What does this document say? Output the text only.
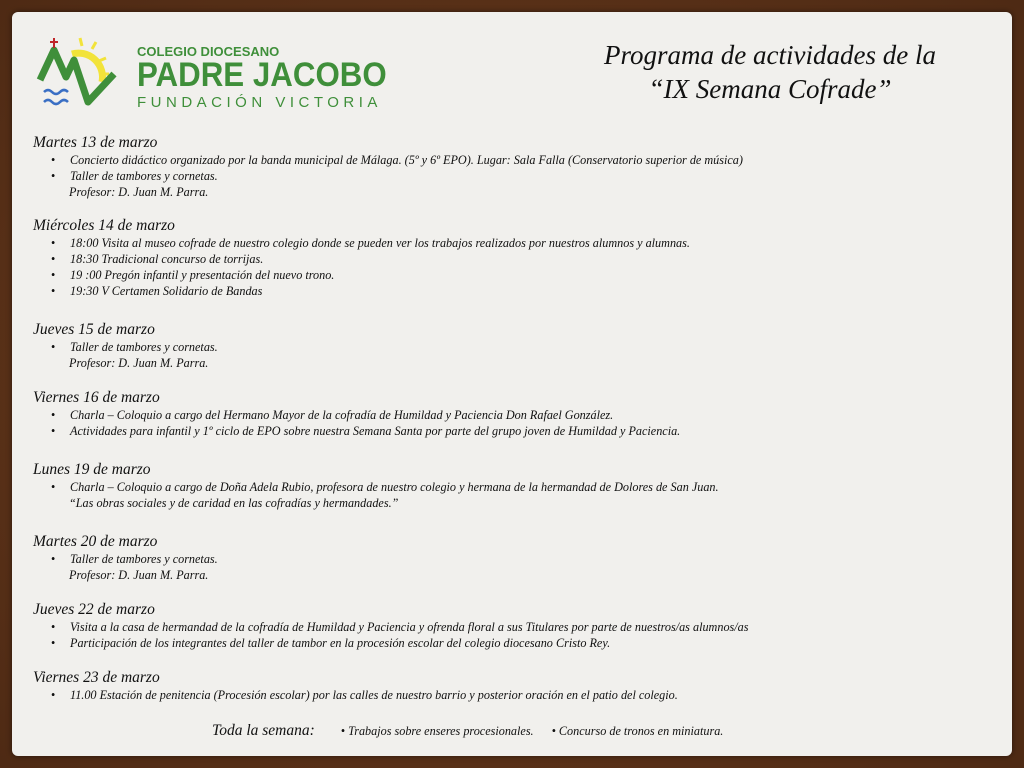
COLEGIO DIOCESANO
PADRE JACOBO
FUNDACIÓN VICTORIA
Programa de actividades de la
“IX Semana Cofrade”
Martes 13 de marzo
• Concierto didáctico organizado por la banda municipal de Málaga. (5º y 6º EPO). Lugar: Sala Falla (Conservatorio superior de música)
• Taller de tambores y cornetas.
Profesor: D. Juan M. Parra.
Miércoles 14 de marzo
• 18:00 Visita al museo cofrade de nuestro colegio donde se pueden ver los trabajos realizados por nuestros alumnos y alumnas.
• 18:30 Tradicional concurso de torrijas.
• 19 :00 Pregón infantil y presentación del nuevo trono.
• 19:30 V Certamen Solidario de Bandas
Jueves 15 de marzo
• Taller de tambores y cornetas.
Profesor: D. Juan M. Parra.
Viernes 16 de marzo
• Charla – Coloquio a cargo del Hermano Mayor de la cofradía de Humildad y Paciencia Don Rafael González.
• Actividades para infantil y 1º ciclo de EPO sobre nuestra Semana Santa por parte del grupo joven de Humildad y Paciencia.
Lunes 19 de marzo
• Charla – Coloquio a cargo de Doña Adela Rubio, profesora de nuestro colegio y hermana de la hermandad de Dolores de San Juan.
“Las obras sociales y de caridad en las cofradías y hermandades.”
Martes 20 de marzo
• Taller de tambores y cornetas.
Profesor: D. Juan M. Parra.
Jueves 22 de marzo
• Visita a la casa de hermandad de la cofradía de Humildad y Paciencia y ofrenda floral a sus Titulares por parte de nuestros/as alumnos/as
• Participación de los integrantes del taller de tambor en la procesión escolar del colegio diocesano Cristo Rey.
Viernes 23 de marzo
• 11.00 Estación de penitencia (Procesión escolar) por las calles de nuestro barrio y posterior oración en el patio del colegio.
Toda la semana: • Trabajos sobre enseres procesionales. • Concurso de tronos en miniatura.
